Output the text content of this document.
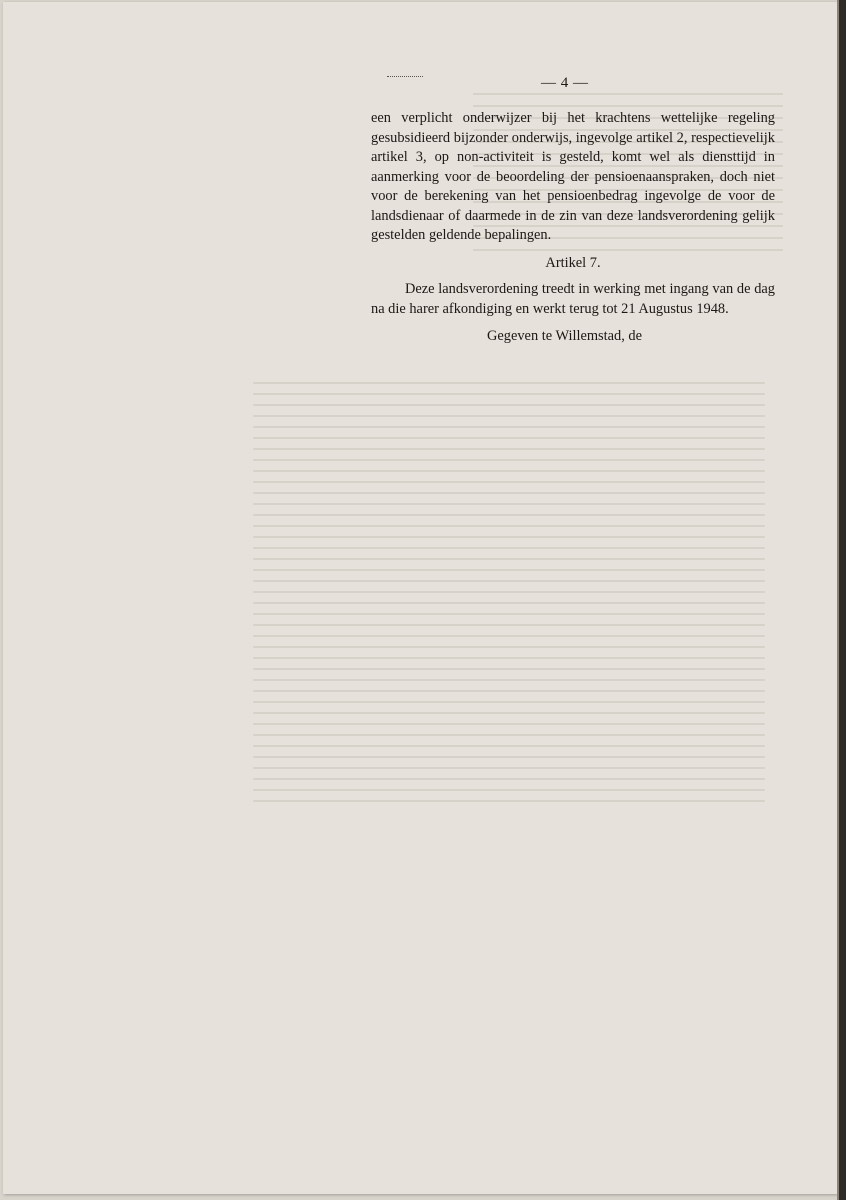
— 4 —

een verplicht onderwijzer bij het krachtens wettelijke regeling gesubsidieerd bijzonder onderwijs, ingevolge artikel 2, respectievelijk artikel 3, op non-activiteit is gesteld, komt wel als diensttijd in aanmerking voor de beoordeling der pensioenaanspraken, doch niet voor de berekening van het pensioenbedrag ingevolge de voor de landsdienaar of daarmede in de zin van deze landsverordening gelijk gestelden geldende bepalingen.

Artikel 7.

Deze landsverordening treedt in werking met ingang van de dag na die harer afkondiging en werkt terug tot 21 Augustus 1948.

Gegeven te Willemstad, de
